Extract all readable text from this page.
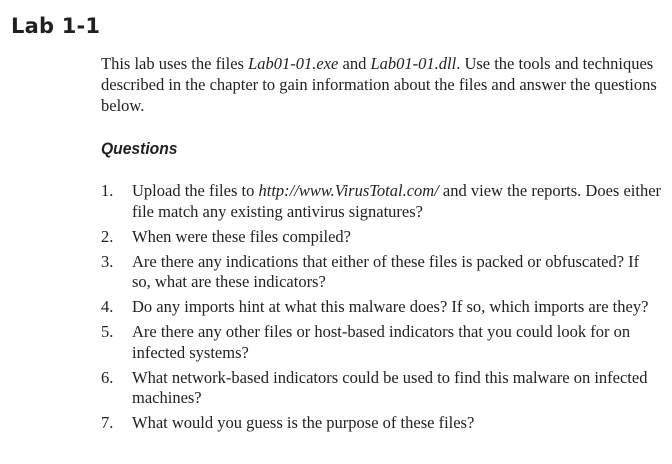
Lab 1-1

This lab uses the files Lab01-01.exe and Lab01-01.dll. Use the tools and techniques described in the chapter to gain information about the files and answer the questions below.

Questions
1. Upload the files to http://www.VirusTotal.com/ and view the reports. Does either file match any existing antivirus signatures?
2. When were these files compiled?
3. Are there any indications that either of these files is packed or obfuscated? If so, what are these indicators?
4. Do any imports hint at what this malware does? If so, which imports are they?
5. Are there any other files or host-based indicators that you could look for on infected systems?
6. What network-based indicators could be used to find this malware on infected machines?
7. What would you guess is the purpose of these files?
